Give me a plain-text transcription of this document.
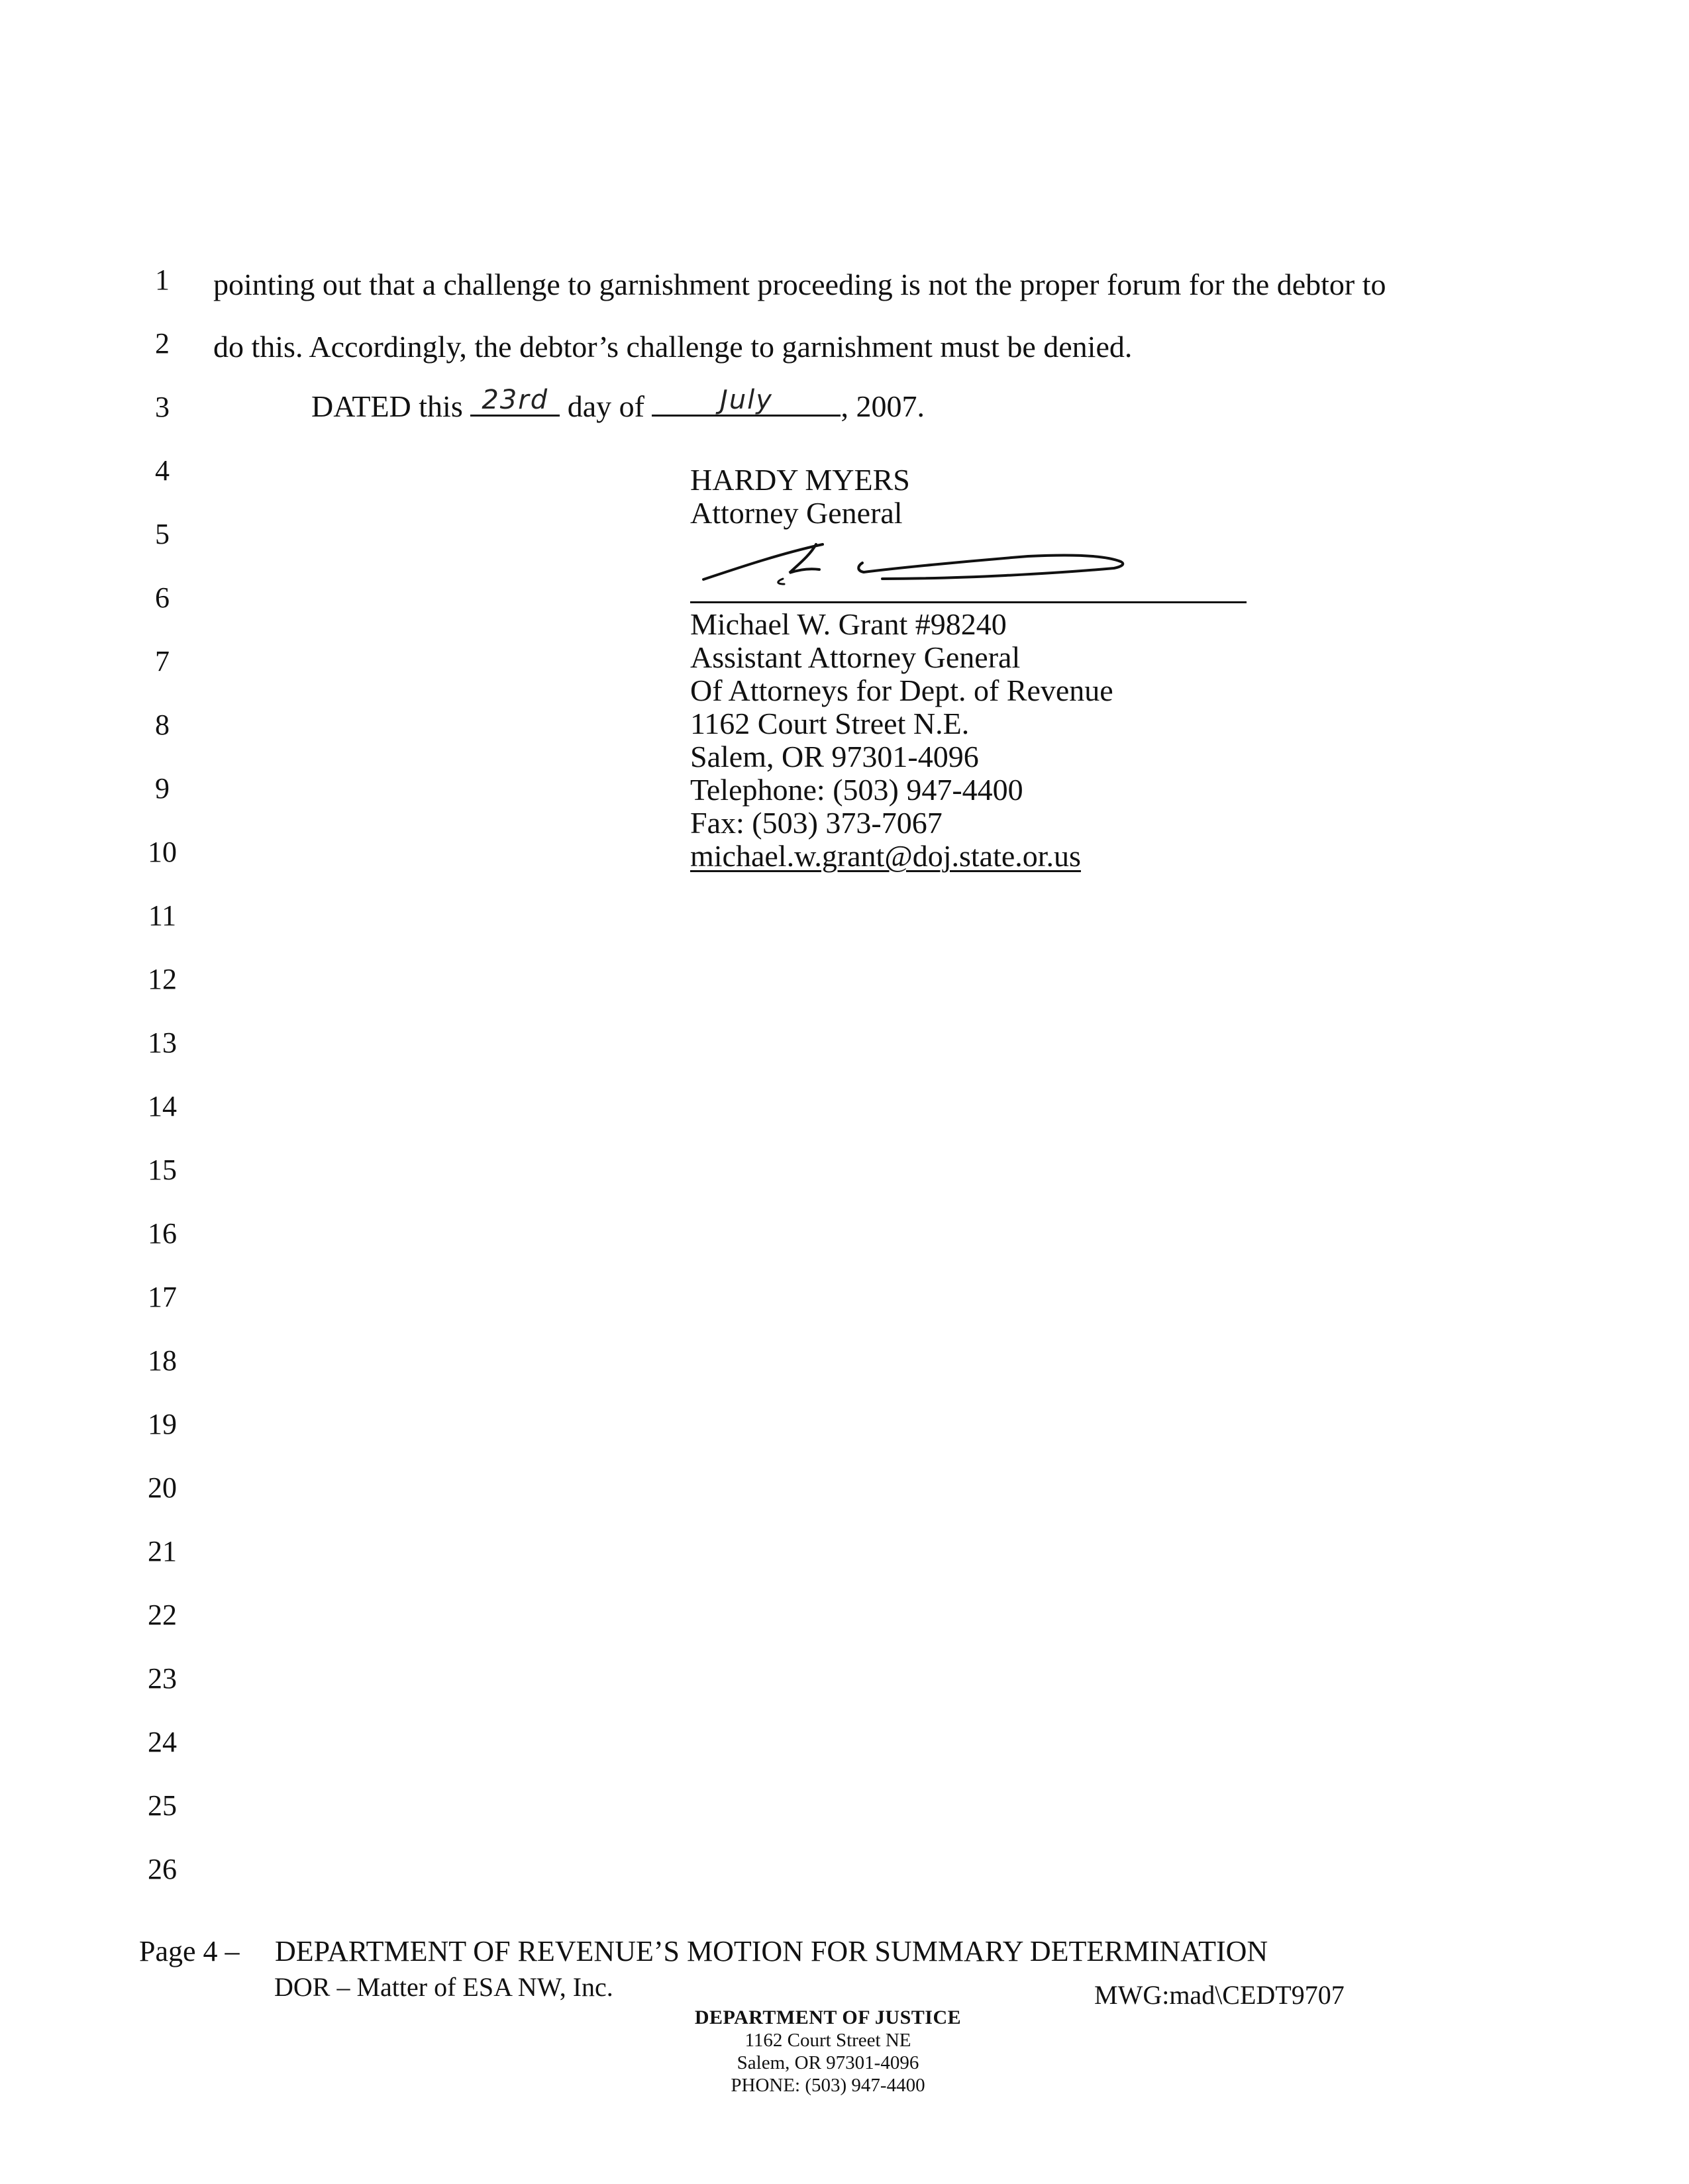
1
2
3
4
5
6
7
8
9
10
11
12
13
14
15
16
17
18
19
20
21
22
23
24
25
26
pointing out that a challenge to garnishment proceeding is not the proper forum for the debtor to
do this. Accordingly, the debtor’s challenge to garnishment must be denied.
DATED this 23rd day of	July , 2007.
HARDY MYERS
Attorney General
Michael W. Grant #98240
Assistant Attorney General
Of Attorneys for Dept. of Revenue
1162 Court Street N.E.
Salem, OR 97301-4096
Telephone: (503) 947-4400
Fax: (503) 373-7067
michael.w.grant@doj.state.or.us
Page 4 – DEPARTMENT OF REVENUE’S MOTION FOR SUMMARY DETERMINATION
DOR – Matter of ESA NW, Inc.	MWG:mad\CEDT9707
DEPARTMENT OF JUSTICE
1162 Court Street NE
Salem, OR 97301-4096
PHONE: (503) 947-4400
